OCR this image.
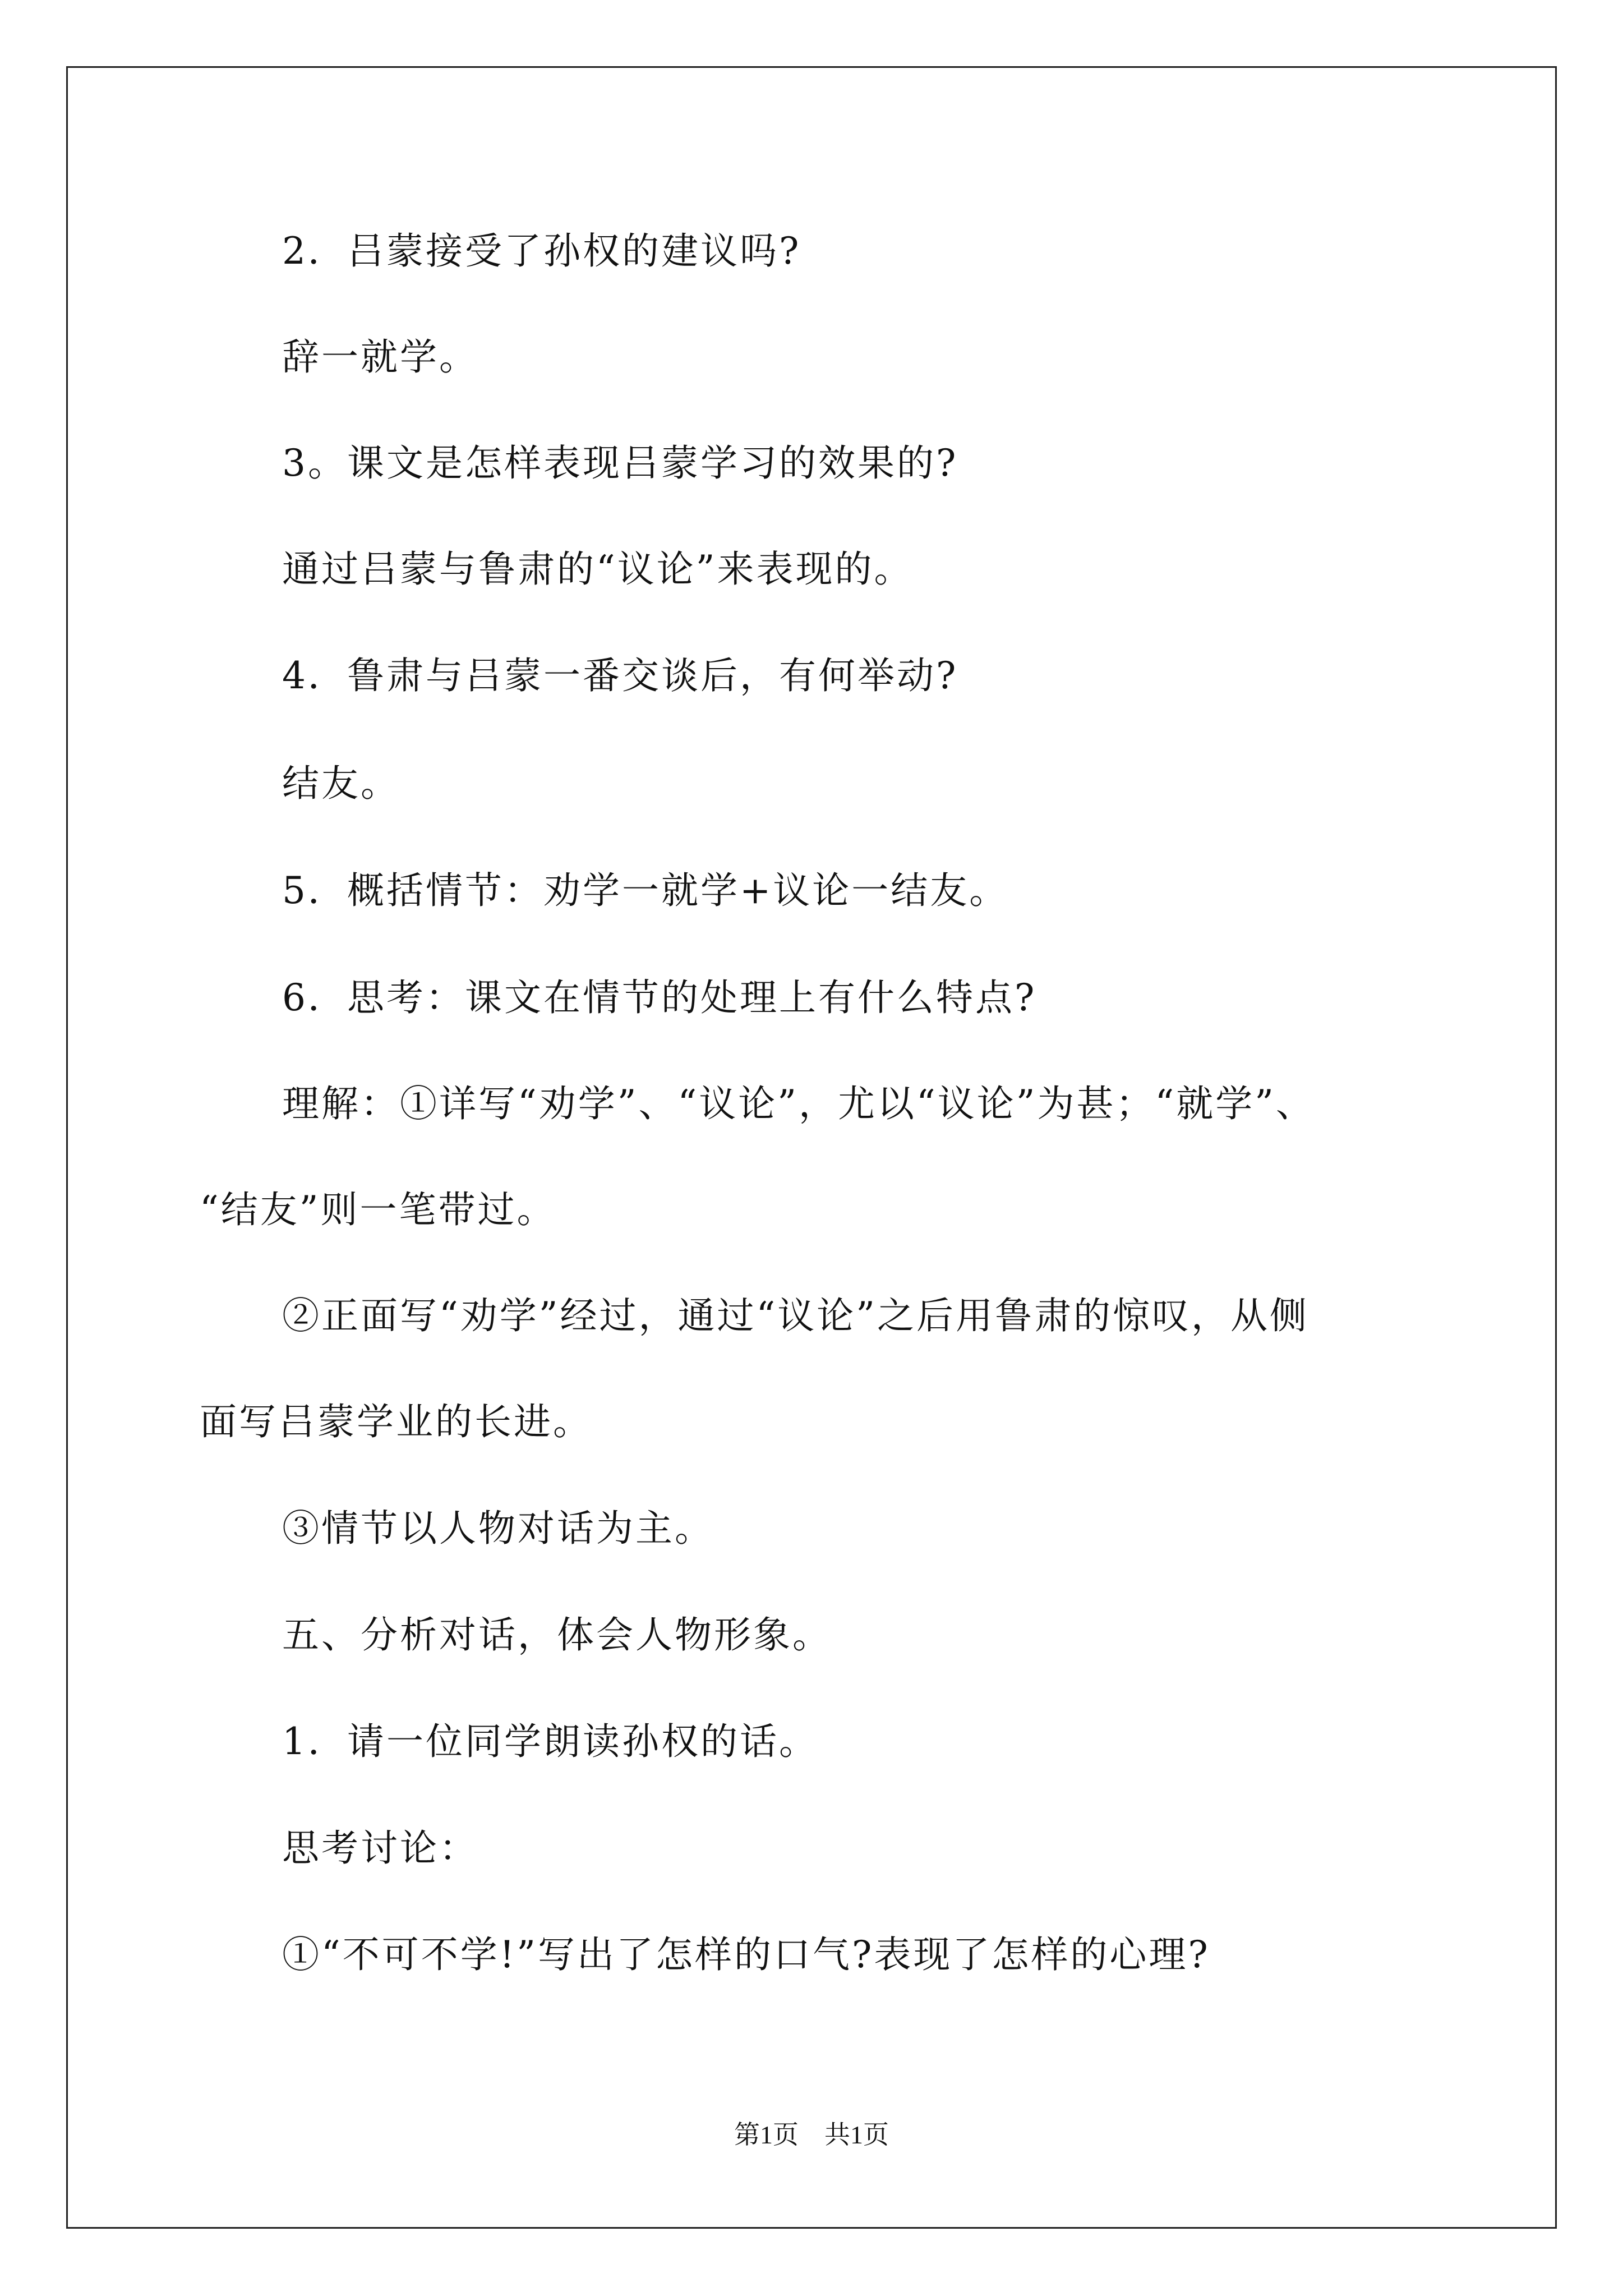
2．吕蒙接受了孙权的建议吗?
辞一就学。
3。课文是怎样表现吕蒙学习的效果的?
通过吕蒙与鲁肃的“议论”来表现的。
4．鲁肃与吕蒙一番交谈后，有何举动?
结友。
5．概括情节：劝学一就学+议论一结友。
6．思考：课文在情节的处理上有什么特点?
理解：①详写“劝学”、“议论”，尤以“议论”为甚；“就学”、
“结友”则一笔带过。
②正面写“劝学”经过，通过“议论”之后用鲁肃的惊叹，从侧
面写吕蒙学业的长进。
③情节以人物对话为主。
五、分析对话，体会人物形象。
1．请一位同学朗读孙权的话。
思考讨论：
①“不可不学!”写出了怎样的口气?表现了怎样的心理?
第1页　共1页
